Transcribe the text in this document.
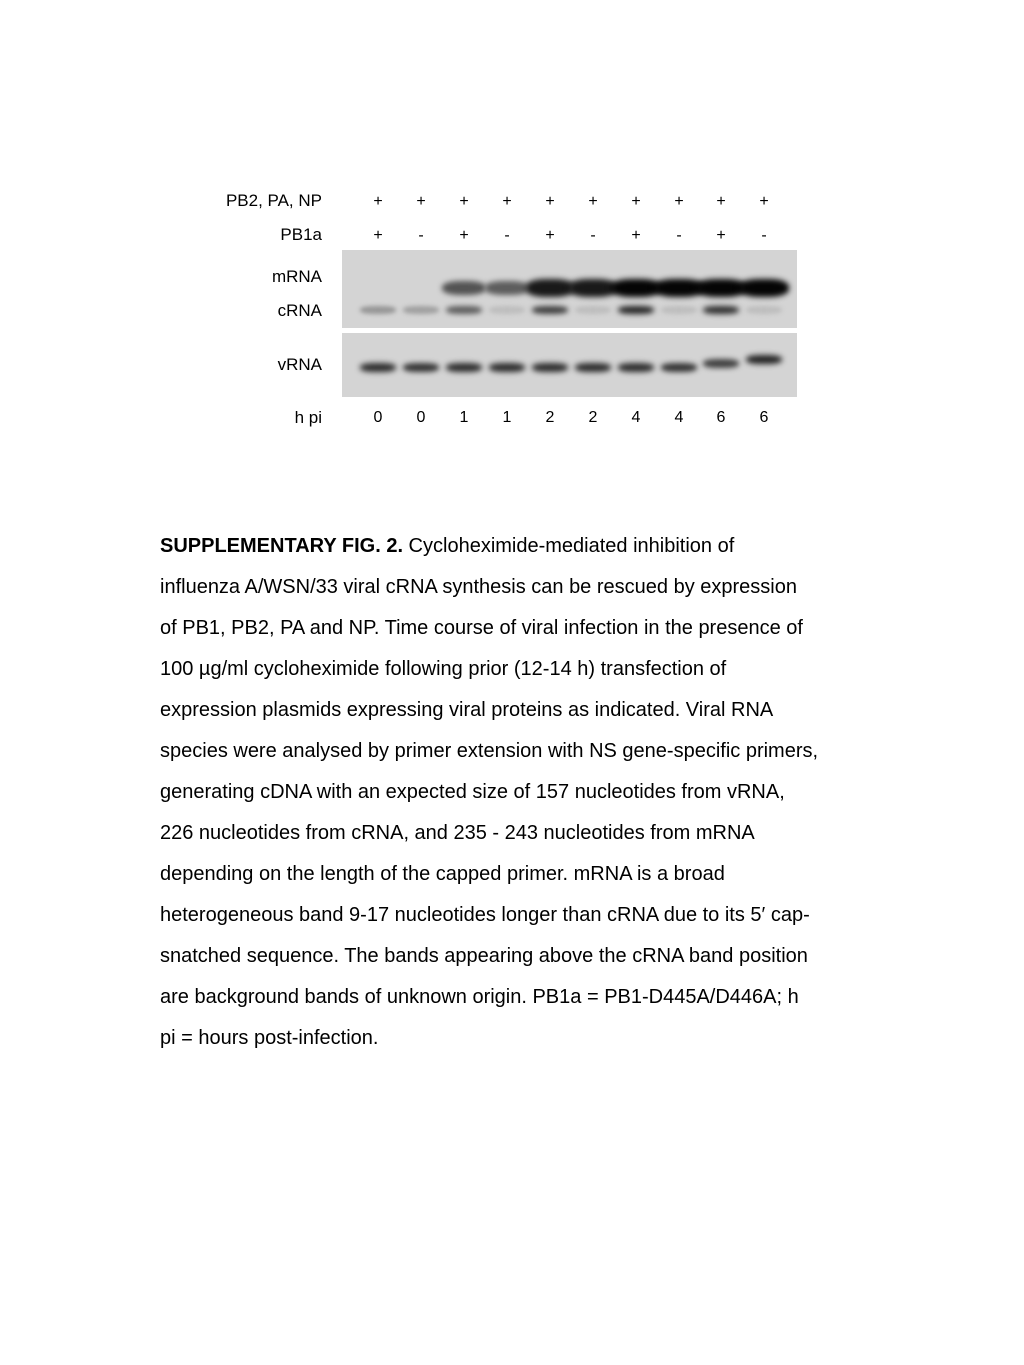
PB2, PA, NP
PB1a
mRNA
cRNA
vRNA
h pi
+
+
0
+
-
0
+
+
1
+
-
1
+
+
2
+
-
2
+
+
4
+
-
4
+
+
6
+
-
6
SUPPLEMENTARY FIG. 2. Cycloheximide-mediated inhibition of
influenza A/WSN/33 viral cRNA synthesis can be rescued by expression
of PB1, PB2, PA and NP. Time course of viral infection in the presence of
100 µg/ml cycloheximide following prior (12-14 h) transfection of
expression plasmids expressing viral proteins as indicated. Viral RNA
species were analysed by primer extension with NS gene-specific primers,
generating cDNA with an expected size of 157 nucleotides from vRNA,
226 nucleotides from cRNA, and 235 - 243 nucleotides from mRNA
depending on the length of the capped primer. mRNA is a broad
heterogeneous band 9-17 nucleotides longer than cRNA due to its 5′ cap-
snatched sequence. The bands appearing above the cRNA band position
are background bands of unknown origin. PB1a = PB1-D445A/D446A; h
pi = hours post-infection.
